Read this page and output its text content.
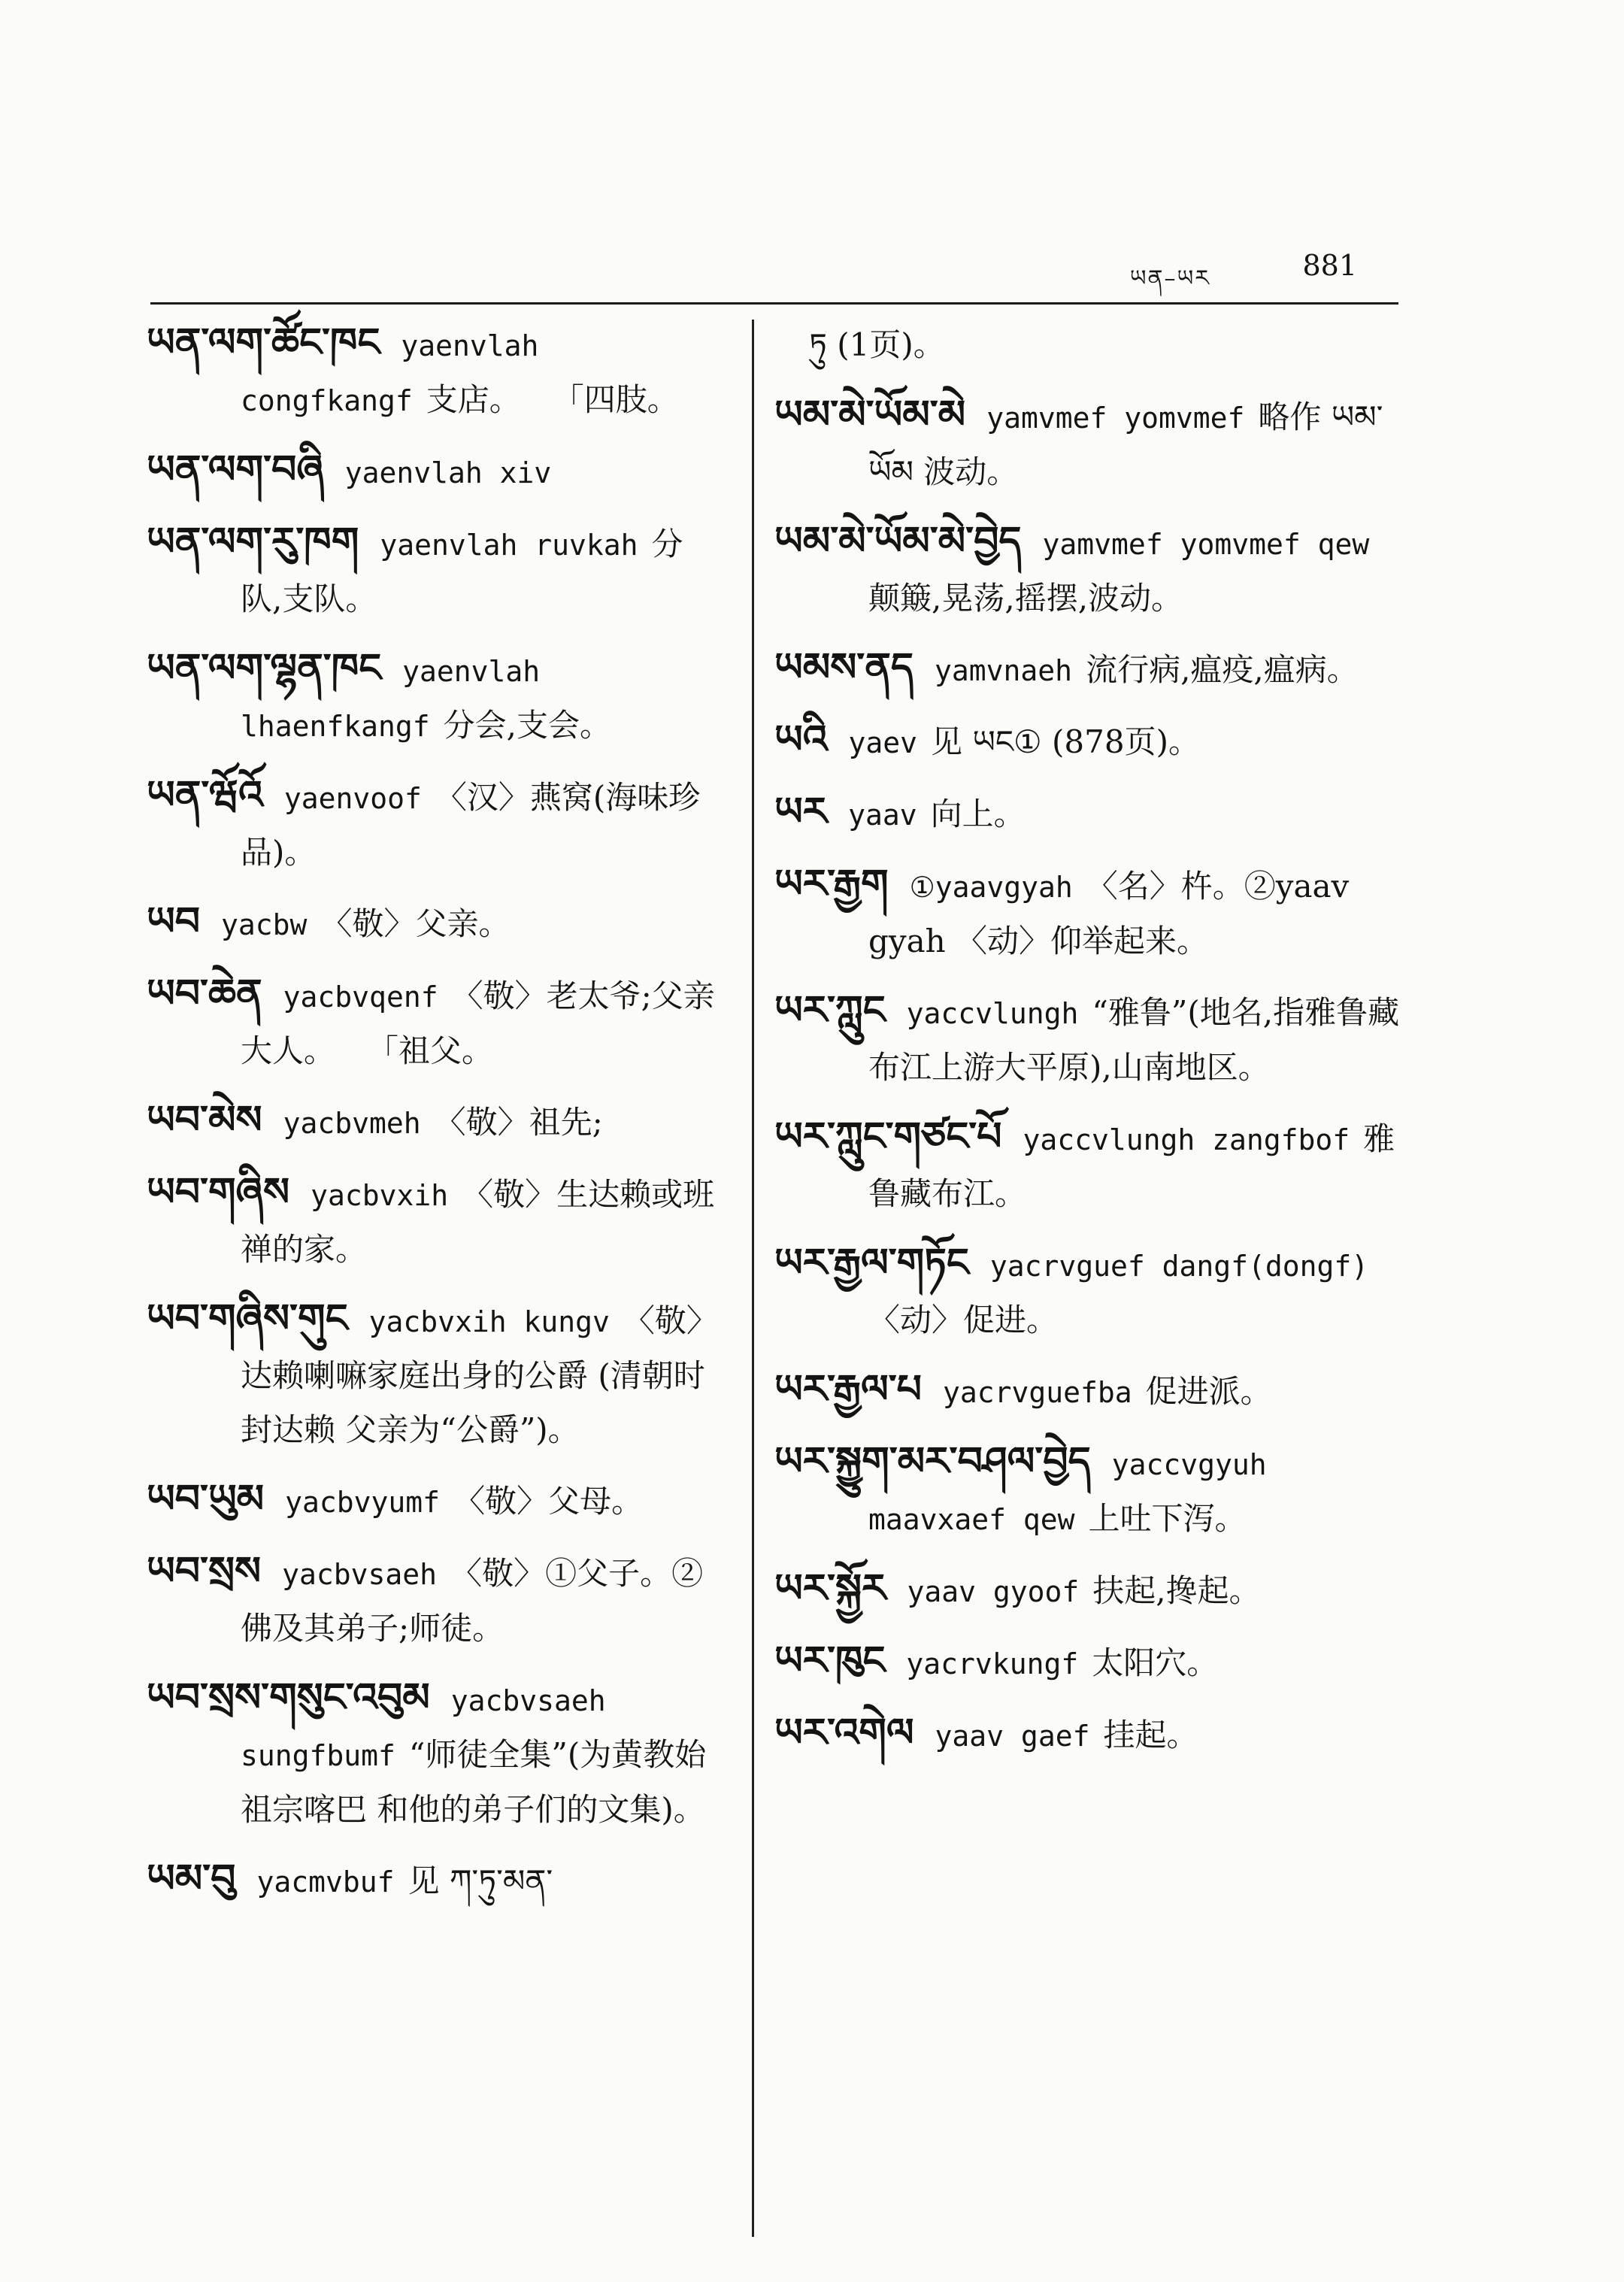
ཡན–ཡར	881
ཡན་ལག་ཚོང་ཁང yaenvlah congfkangf 支店。　　「四肢。
ཡན་ལག་བཞི yaenvlah xiv
ཡན་ལག་རུ་ཁག yaenvlah ruvkah 分队,支队。
ཡན་ལག་ལྷན་ཁང yaenvlah lhaenfkangf 分会,支会。
ཡན་ཝོའོ yaenvoof 〈汉〉燕窝(海味珍品)。
ཡབ yacbw 〈敬〉父亲。
ཡབ་ཆེན yacbvqenf 〈敬〉老太爷;父亲大人。　　「祖父。
ཡབ་མེས yacbvmeh 〈敬〉祖先;
ཡབ་གཞིས yacbvxih 〈敬〉生达赖或班禅的家。
ཡབ་གཞིས་གུང yacbvxih kungv 〈敬〉达赖喇嘛家庭出身的公爵 (清朝时封达赖 父亲为“公爵”)。
ཡབ་ཡུམ yacbvyumf 〈敬〉父母。
ཡབ་སྲས yacbvsaeh 〈敬〉①父子。②佛及其弟子;师徒。
ཡབ་སྲས་གསུང་འབུམ yacbvsaeh sungfbumf “师徒全集”(为黄教始祖宗喀巴 和他的弟子们的文集)。
ཡམ་བུ yacmvbuf 见 ཀ་ཏུ་མན་
ཏུ (1页)。
ཡམ་མེ་ཡོམ་མེ yamvmef yomvmef 略作 ཡམ་ཡོམ 波动。
ཡམ་མེ་ཡོམ་མེ་བྱེད yamvmef yomvmef qew颠簸,晃荡,摇摆,波动。
ཡམས་ནད yamvnaeh 流行病,瘟疫,瘟病。
ཡའི yaev 见 ཡང① (878页)。
ཡར yaav 向上。
ཡར་རྒྱག ①yaavgyah 〈名〉杵。②yaav gyah 〈动〉仰举起来。
ཡར་ཀླུང yaccvlungh “雅鲁”(地名,指雅鲁藏布江上游大平原),山南地区。
ཡར་ཀླུང་གཙང་པོ yaccvlungh zangfbof 雅鲁藏布江。
ཡར་རྒྱལ་གཏོང yacrvguef dangf(dongf)〈动〉促进。
ཡར་རྒྱལ་པ yacrvguefba 促进派。
ཡར་སྐྱུག་མར་བཤལ་བྱེད yaccvgyuh maavxaef qew 上吐下泻。
ཡར་སྐྱོར yaav gyoof 扶起,搀起。
ཡར་ཁུང yacrvkungf 太阳穴。
ཡར་འགེལ yaav gaef 挂起。
